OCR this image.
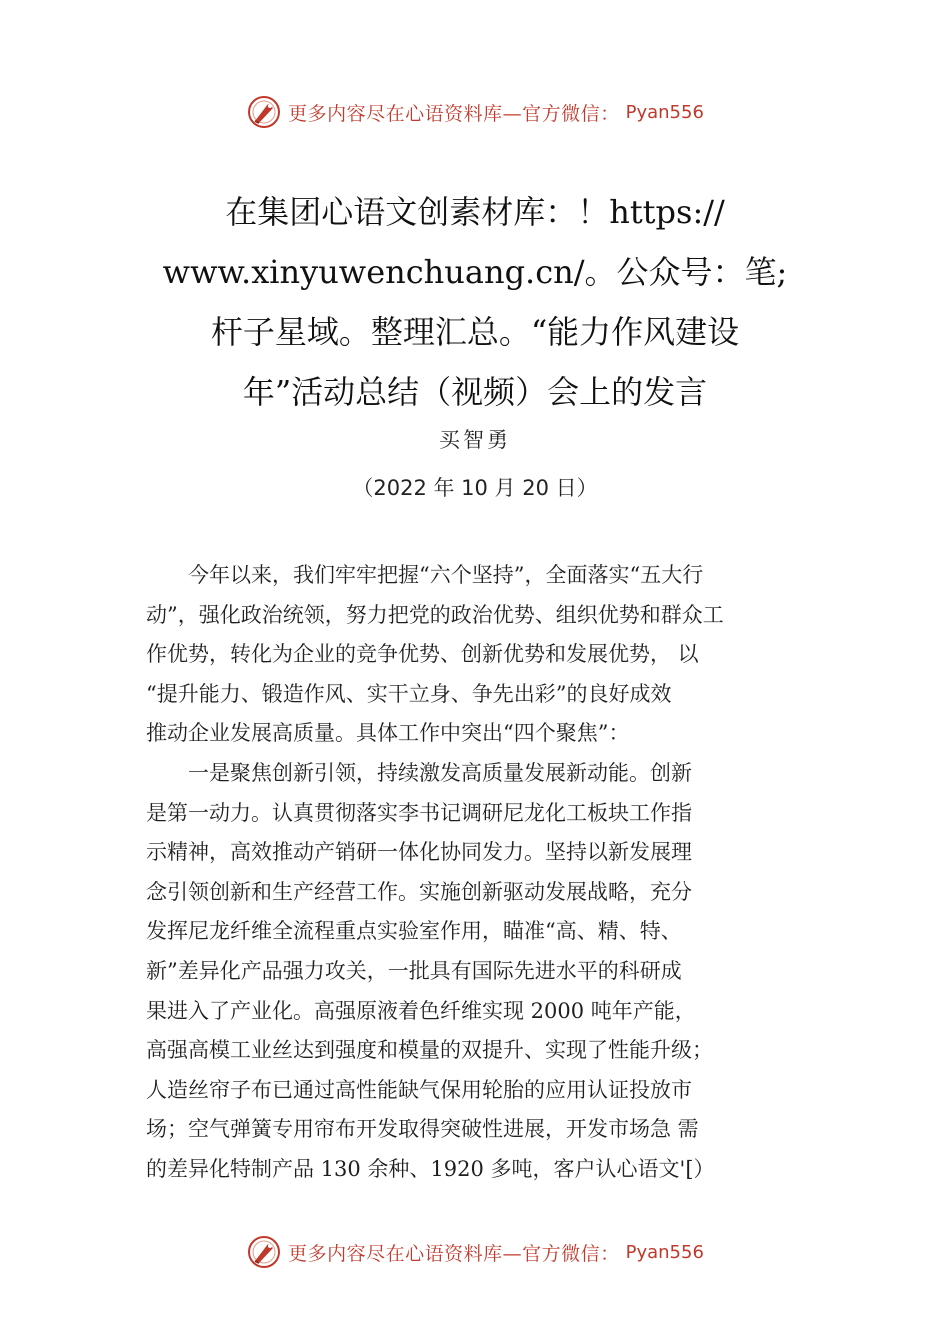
更多内容尽在心语资料库—官方微信： Pyan556
在集团心语文创素材库：！https://
www.xinyuwenchuang.cn/。公众号：笔;
杆子星域。整理汇总。“能力作风建设
年”活动总结（视频）会上的发言
买智勇
（2022 年 10 月 20 日）
　　今年以来，我们牢牢把握“六个坚持”，全面落实“五大行
动”，强化政治统领，努力把党的政治优势、组织优势和群众工
作优势，转化为企业的竞争优势、创新优势和发展优势， 以
“提升能力、锻造作风、实干立身、争先出彩”的良好成效
推动企业发展高质量。具体工作中突出“四个聚焦”：
　　一是聚焦创新引领，持续激发高质量发展新动能。创新
是第一动力。认真贯彻落实李书记调研尼龙化工板块工作指
示精神，高效推动产销研一体化协同发力。坚持以新发展理
念引领创新和生产经营工作。实施创新驱动发展战略，充分
发挥尼龙纤维全流程重点实验室作用，瞄准“高、精、特、
新”差异化产品强力攻关，一批具有国际先进水平的科研成
果进入了产业化。高强原液着色纤维实现 2000 吨年产能，
高强高模工业丝达到强度和模量的双提升、实现了性能升级；
人造丝帘子布已通过高性能缺气保用轮胎的应用认证投放市
场；空气弹簧专用帘布开发取得突破性进展，开发市场急 需
的差异化特制产品 130 余种、1920 多吨，客户认心语文'[）
更多内容尽在心语资料库—官方微信： Pyan556
